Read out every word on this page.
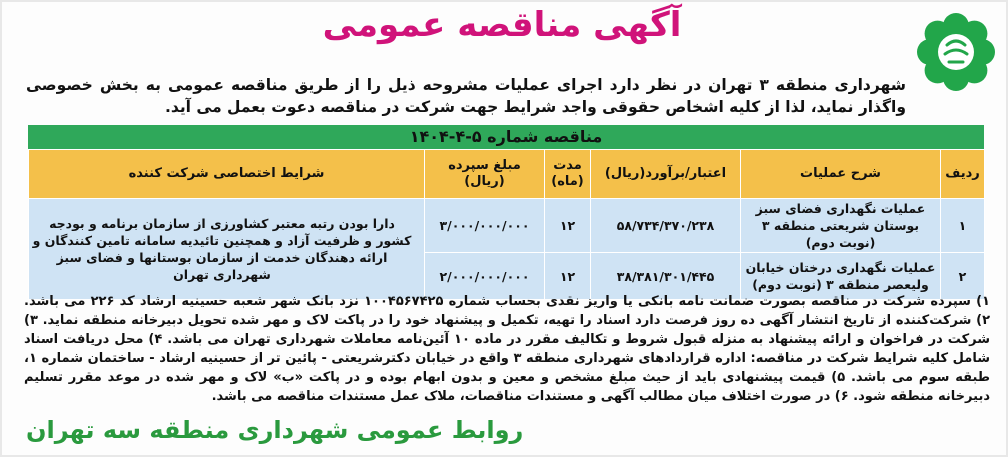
آگهی مناقصه عمومی
شهرداری منطقه ۳ تهران در نظر دارد اجرای عملیات مشروحه ذیل را از طریق مناقصه عمومی به بخش خصوصی واگذار نماید، لذا از کلیه اشخاص حقوقی واجد شرایط جهت شرکت در مناقصه دعوت بعمل می آید.
مناقصه شماره ۵-۴-۱۴۰۴
ردیف	شرح عملیات	اعتبار/برآورد(ریال)	مدت (ماه)	مبلغ سپرده (ریال)	شرایط اختصاصی شرکت کننده
۱	عملیات نگهداری فضای سبز بوستان شریعتی منطقه ۳ (نوبت دوم)	۵۸/۷۳۴/۳۷۰/۲۳۸	۱۲	۳/۰۰۰/۰۰۰/۰۰۰	دارا بودن رتبه معتبر کشاورزی از سازمان برنامه و بودجه کشور و ظرفیت آزاد و همچنین تائیدیه سامانه تامین کنندگان و ارائه دهندگان خدمت از سازمان بوستانها و فضای سبز شهرداری تهران
۲	عملیات نگهداری درختان خیابان ولیعصر منطقه ۳ (نوبت دوم)	۳۸/۳۸۱/۳۰۱/۴۴۵	۱۲	۲/۰۰۰/۰۰۰/۰۰۰	
۱) سپرده شرکت در مناقصه بصورت ضمانت نامه بانکی یا واریز نقدی بحساب شماره ۱۰۰۴۵۶۷۴۲۵ نزد بانک شهر شعبه حسینیه ارشاد کد ۲۲۶ می باشد. ۲) شرکت‌کننده از تاریخ انتشار آگهی ده روز فرصت دارد اسناد را تهیه، تکمیل و پیشنهاد خود را در پاکت لاک و مهر شده تحویل دبیرخانه منطقه نماید. ۳) شرکت در فراخوان و ارائه پیشنهاد به منزله قبول شروط و تکالیف مقرر در ماده ۱۰ آئین‌نامه معاملات شهرداری تهران می باشد. ۴) محل دریافت اسناد شامل کلیه شرایط شرکت در مناقصه: اداره قراردادهای شهرداری منطقه ۳ واقع در خیابان دکترشریعتی - پائین تر از حسینیه ارشاد - ساختمان شماره ۱، طبقه سوم می باشد. ۵) قیمت پیشنهادی باید از حیث مبلغ مشخص و معین و بدون ابهام بوده و در پاکت «ب» لاک و مهر شده در موعد مقرر تسلیم دبیرخانه منطقه شود. ۶) در صورت اختلاف میان مطالب آگهی و مستندات مناقصات، ملاک عمل مستندات مناقصه می باشد.
روابط عمومی شهرداری منطقه سه تهران
